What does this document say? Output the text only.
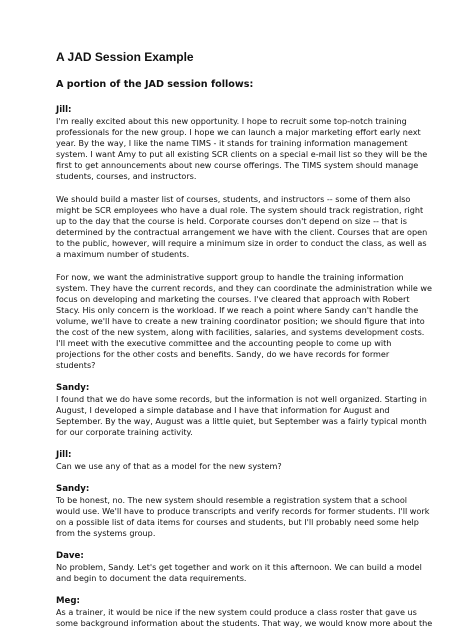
A JAD Session Example
A portion of the JAD session follows:

Jill:

I'm really excited about this new opportunity. I hope to recruit some top-notch training
professionals for the new group. I hope we can launch a major marketing effort early next
year. By the way, I like the name TIMS - it stands for training information management
system. I want Amy to put all existing SCR clients on a special e-mail list so they will be the
first to get announcements about new course offerings. The TIMS system should manage
students, courses, and instructors.

We should build a master list of courses, students, and instructors -- some of them also
might be SCR employees who have a dual role. The system should track registration, right
up to the day that the course is held. Corporate courses don't depend on size -- that is
determined by the contractual arrangement we have with the client. Courses that are open
to the public, however, will require a minimum size in order to conduct the class, as well as
a maximum number of students.

For now, we want the administrative support group to handle the training information
system. They have the current records, and they can coordinate the administration while we
focus on developing and marketing the courses. I've cleared that approach with Robert
Stacy. His only concern is the workload. If we reach a point where Sandy can't handle the
volume, we'll have to create a new training coordinator position; we should figure that into
the cost of the new system, along with facilities, salaries, and systems development costs.
I'll meet with the executive committee and the accounting people to come up with
projections for the other costs and benefits. Sandy, do we have records for former
students?

Sandy:

I found that we do have some records, but the information is not well organized. Starting in
August, I developed a simple database and I have that information for August and
September. By the way, August was a little quiet, but September was a fairly typical month
for our corporate training activity.

Jill:

Can we use any of that as a model for the new system?

Sandy:

To be honest, no. The new system should resemble a registration system that a school
would use. We'll have to produce transcripts and verify records for former students. I'll work
on a possible list of data items for courses and students, but I'll probably need some help
from the systems group.

Dave:

No problem, Sandy. Let's get together and work on it this afternoon. We can build a model
and begin to document the data requirements.

Meg:

As a trainer, it would be nice if the new system could produce a class roster that gave us
some background information about the students. That way, we would know more about the
